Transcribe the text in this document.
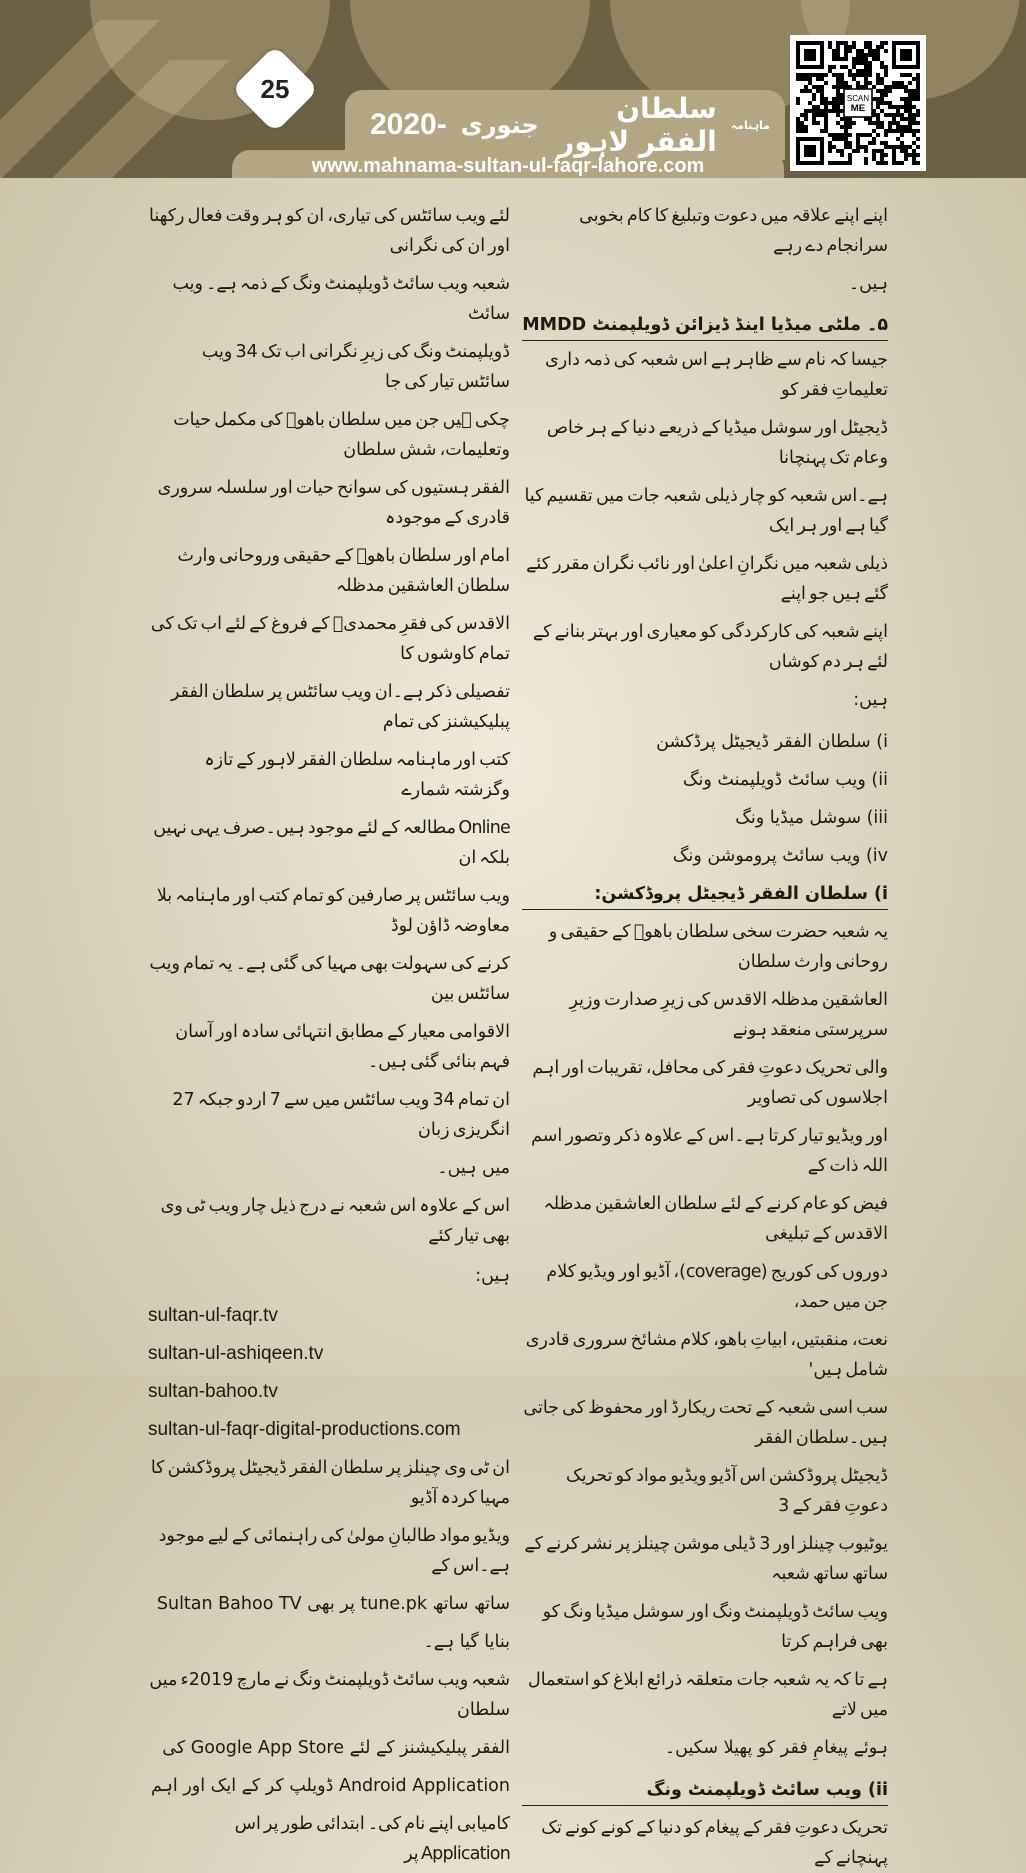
ماہنامہ
سلطان الفقر لاہور
جنوری
2020-
www.mahnama-sultan-ul-faqr-lahore.com
25	SCAN
ME
اپنے اپنے علاقہ میں دعوت وتبلیغ کا کام بخوبی سرانجام دے رہے
ہیں۔
۵۔ ملٹی میڈیا اینڈ ڈیزائن ڈویلپمنٹ MMDD
جیسا کہ نام سے ظاہر ہے اس شعبہ کی ذمہ داری تعلیماتِ فقر کو
ڈیجیٹل اور سوشل میڈیا کے ذریعے دنیا کے ہر خاص وعام تک پہنچانا
ہے۔اس شعبہ کو چار ذیلی شعبہ جات میں تقسیم کیا گیا ہے اور ہر ایک
ذیلی شعبہ میں نگرانِ اعلیٰ اور نائب نگران مقرر کئے گئے ہیں جو اپنے
اپنے شعبہ کی کارکردگی کو معیاری اور بہتر بنانے کے لئے ہر دم کوشاں
ہیں:
i) سلطان الفقر ڈیجیٹل پرڈکشن
ii) ویب سائٹ ڈویلپمنٹ ونگ
iii) سوشل میڈیا ونگ
iv) ویب سائٹ پروموشن ونگ
i) سلطان الفقر ڈیجیٹل پروڈکشن:
یہ شعبہ حضرت سخی سلطان باھوؒ کے حقیقی و روحانی وارث سلطان
العاشقین مدظلہ الاقدس کی زیرِ صدارت وزیرِ سرپرستی منعقد ہونے
والی تحریک دعوتِ فقر کی محافل، تقریبات اور اہم اجلاسوں کی تصاویر
اور ویڈیو تیار کرتا ہے۔اس کے علاوہ ذکر وتصور اسم اللہ ذات کے
فیض کو عام کرنے کے لئے سلطان العاشقین مدظلہ الاقدس کے تبلیغی
دوروں کی کوریج (coverage)، آڈیو اور ویڈیو کلام جن میں حمد،
نعت، منقبتیں، ابیاتِ باھو، کلام مشائخ سروری قادری شامل ہیں'
سب اسی شعبہ کے تحت ریکارڈ اور محفوظ کی جاتی ہیں۔سلطان الفقر
ڈیجیٹل پروڈکشن اس آڈیو ویڈیو مواد کو تحریک دعوتِ فقر کے 3
یوٹیوب چینلز اور 3 ڈیلی موشن چینلز پر نشر کرنے کے ساتھ ساتھ شعبہ
ویب سائٹ ڈویلپمنٹ ونگ اور سوشل میڈیا ونگ کو بھی فراہم کرتا
ہے تا کہ یہ شعبہ جات متعلقہ ذرائع ابلاغ کو استعمال میں لاتے
ہوئے پیغامِ فقر کو پھیلا سکیں۔
ii) ویب سائٹ ڈویلپمنٹ ونگ
تحریک دعوتِ فقر کے پیغام کو دنیا کے کونے کونے تک پہنچانے کے
لئے ویب سائٹس کی تیاری، ان کو ہر وقت فعال رکھنا اور ان کی نگرانی
شعبہ ویب سائٹ ڈویلپمنٹ ونگ کے ذمہ ہے۔ ویب سائٹ
ڈویلپمنٹ ونگ کی زیرِ نگرانی اب تک 34 ویب سائٹس تیار کی جا
چکی ہیں جن میں سلطان باھوؒ کی مکمل حیات وتعلیمات، شش سلطان
الفقر ہستیوں کی سوانح حیات اور سلسلہ سروری قادری کے موجودہ
امام اور سلطان باھوؒ کے حقیقی وروحانی وارث سلطان العاشقین مدظلہ
الاقدس کی فقرِ محمدیؐ کے فروغ کے لئے اب تک کی تمام کاوشوں کا
تفصیلی ذکر ہے۔ان ویب سائٹس پر سلطان الفقر پبلیکیشنز کی تمام
کتب اور ماہنامہ سلطان الفقر لاہور کے تازہ وگزشتہ شمارے
Online مطالعہ کے لئے موجود ہیں۔صرف یہی نہیں بلکہ ان
ویب سائٹس پر صارفین کو تمام کتب اور ماہنامہ بلا معاوضہ ڈاؤن لوڈ
کرنے کی سہولت بھی مہیا کی گئی ہے۔ یہ تمام ویب سائٹس بین
الاقوامی معیار کے مطابق انتہائی سادہ اور آسان فہم بنائی گئی ہیں۔
ان تمام 34 ویب سائٹس میں سے 7 اردو جبکہ 27 انگریزی زبان
میں ہیں۔
اس کے علاوہ اس شعبہ نے درج ذیل چار ویب ٹی وی بھی تیار کئے
ہیں:
sultan-ul-faqr.tv
sultan-ul-ashiqeen.tv
sultan-bahoo.tv
sultan-ul-faqr-digital-productions.com
ان ٹی وی چینلز پر سلطان الفقر ڈیجیٹل پروڈکشن کا مہیا کردہ آڈیو
ویڈیو مواد طالبانِ مولیٰ کی راہنمائی کے لیے موجود ہے۔اس کے
ساتھ ساتھ tune.pk پر بھی Sultan Bahoo TV
بنایا گیا ہے۔
شعبہ ویب سائٹ ڈویلپمنٹ ونگ نے مارچ 2019ء میں سلطان
الفقر پبلیکیشنز کے لئے Google App Store کی
Android Application ڈویلپ کر کے ایک اور اہم
کامیابی اپنے نام کی۔ ابتدائی طور پر اس Application پر
